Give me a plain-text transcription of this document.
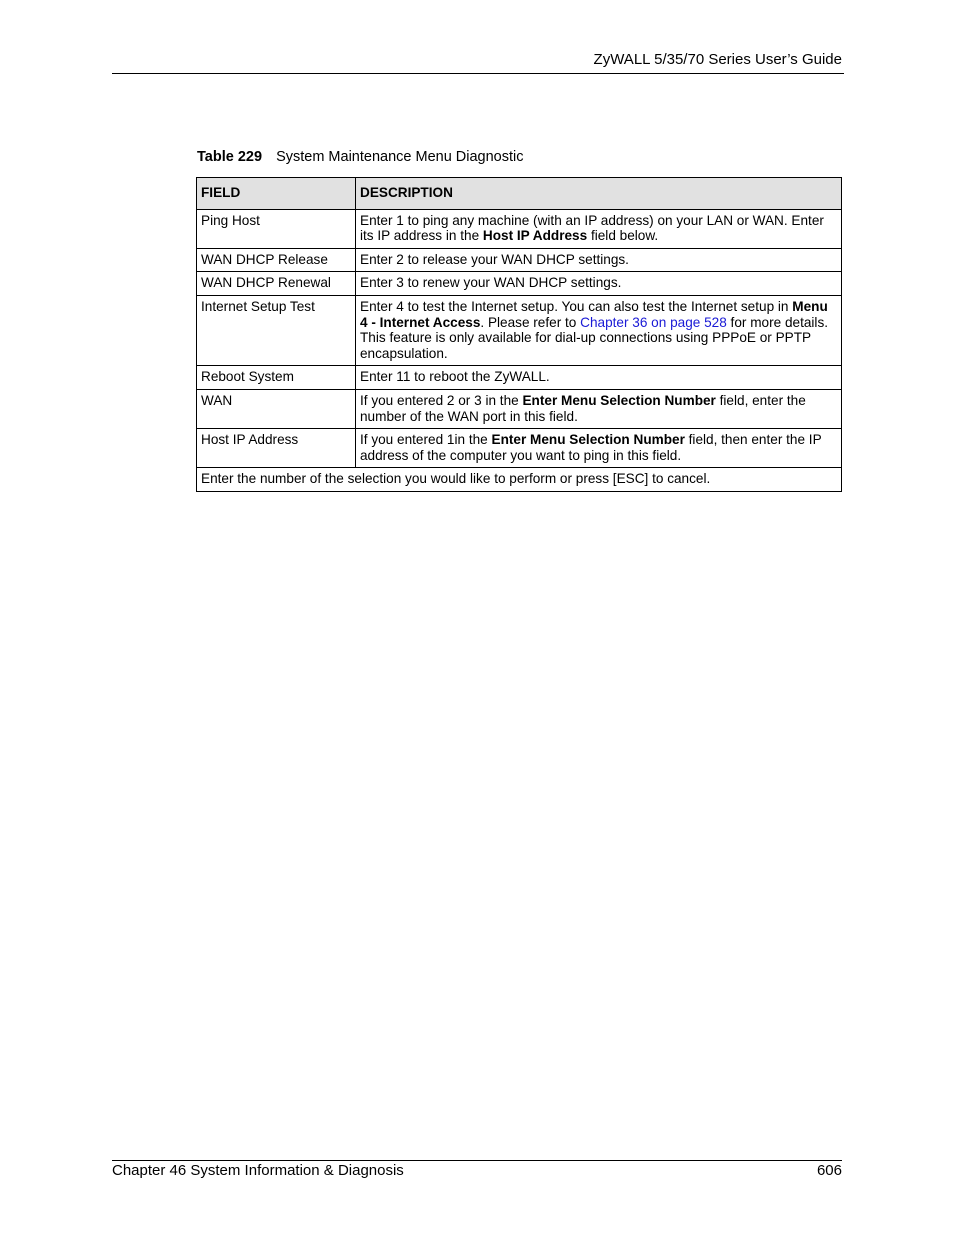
ZyWALL 5/35/70 Series User’s Guide
Table 229 System Maintenance Menu Diagnostic
FIELD	DESCRIPTION
Ping Host	Enter 1 to ping any machine (with an IP address) on your LAN or WAN. Enter its IP address in the Host IP Address field below.
WAN DHCP Release	Enter 2 to release your WAN DHCP settings.
WAN DHCP Renewal	Enter 3 to renew your WAN DHCP settings.
Internet Setup Test	Enter 4 to test the Internet setup. You can also test the Internet setup in Menu 4 - Internet Access. Please refer to Chapter 36 on page 528 for more details. This feature is only available for dial-up connections using PPPoE or PPTP encapsulation.
Reboot System	Enter 11 to reboot the ZyWALL.
WAN	If you entered 2 or 3 in the Enter Menu Selection Number field, enter the number of the WAN port in this field.
Host IP Address	If you entered 1in the Enter Menu Selection Number field, then enter the IP address of the computer you want to ping in this field.
Enter the number of the selection you would like to perform or press [ESC] to cancel.	
Chapter 46 System Information & Diagnosis	606
